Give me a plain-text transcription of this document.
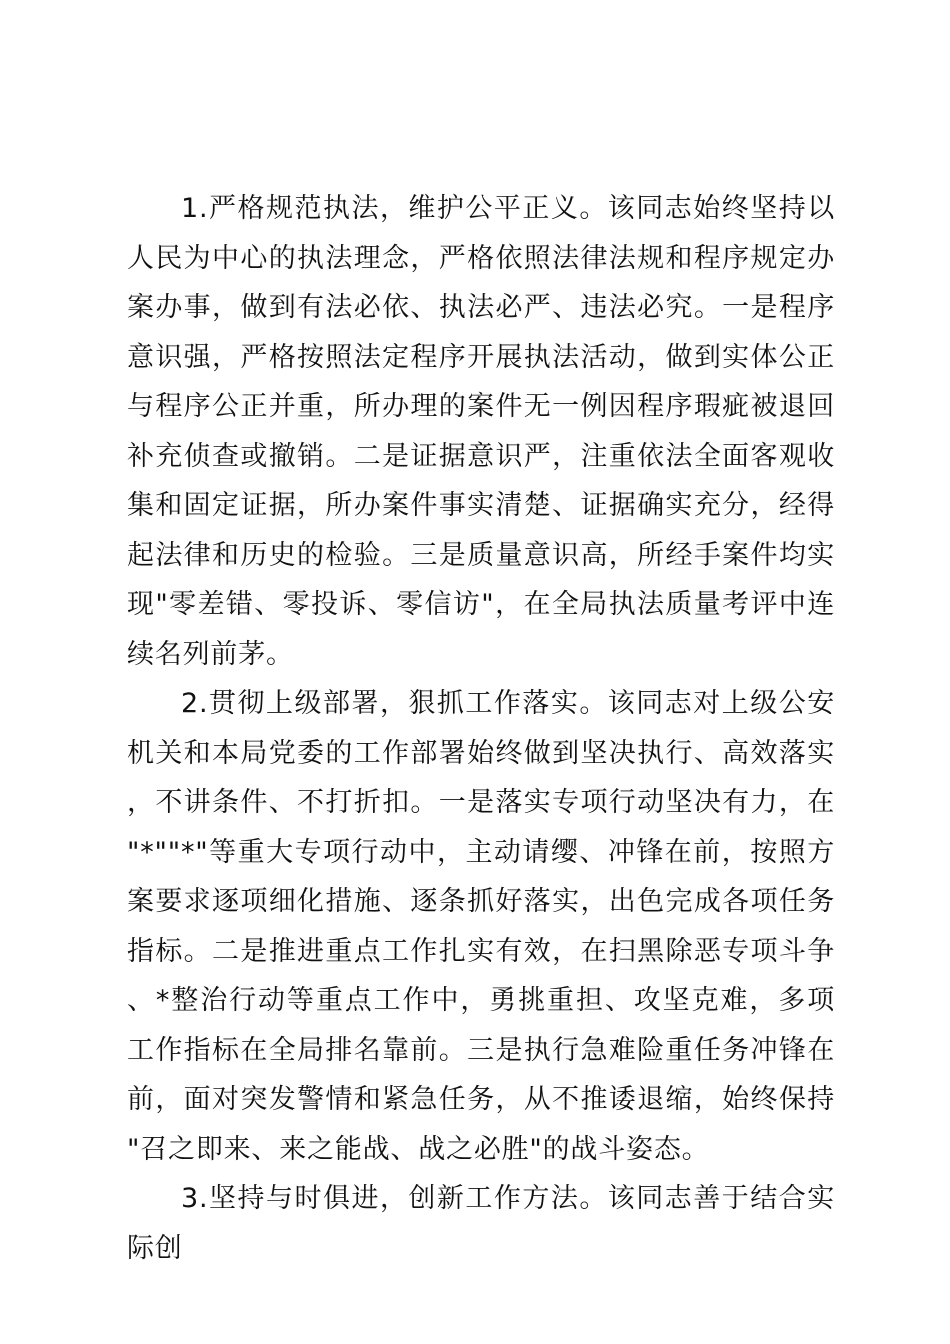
1.严格规范执法，维护公平正义。该同志始终坚持以人民为中心的执法理念，严格依照法律法规和程序规定办案办事，做到有法必依、执法必严、违法必究。一是程序意识强，严格按照法定程序开展执法活动，做到实体公正与程序公正并重，所办理的案件无一例因程序瑕疵被退回补充侦查或撤销。二是证据意识严，注重依法全面客观收集和固定证据，所办案件事实清楚、证据确实充分，经得起法律和历史的检验。三是质量意识高，所经手案件均实现"零差错、零投诉、零信访"，在全局执法质量考评中连续名列前茅。

2.贯彻上级部署，狠抓工作落实。该同志对上级公安机关和本局党委的工作部署始终做到坚决执行、高效落实，不讲条件、不打折扣。一是落实专项行动坚决有力，在"*""*"等重大专项行动中，主动请缨、冲锋在前，按照方案要求逐项细化措施、逐条抓好落实，出色完成各项任务指标。二是推进重点工作扎实有效，在扫黑除恶专项斗争、*整治行动等重点工作中，勇挑重担、攻坚克难，多项工作指标在全局排名靠前。三是执行急难险重任务冲锋在前，面对突发警情和紧急任务，从不推诿退缩，始终保持"召之即来、来之能战、战之必胜"的战斗姿态。

3.坚持与时俱进，创新工作方法。该同志善于结合实际创
